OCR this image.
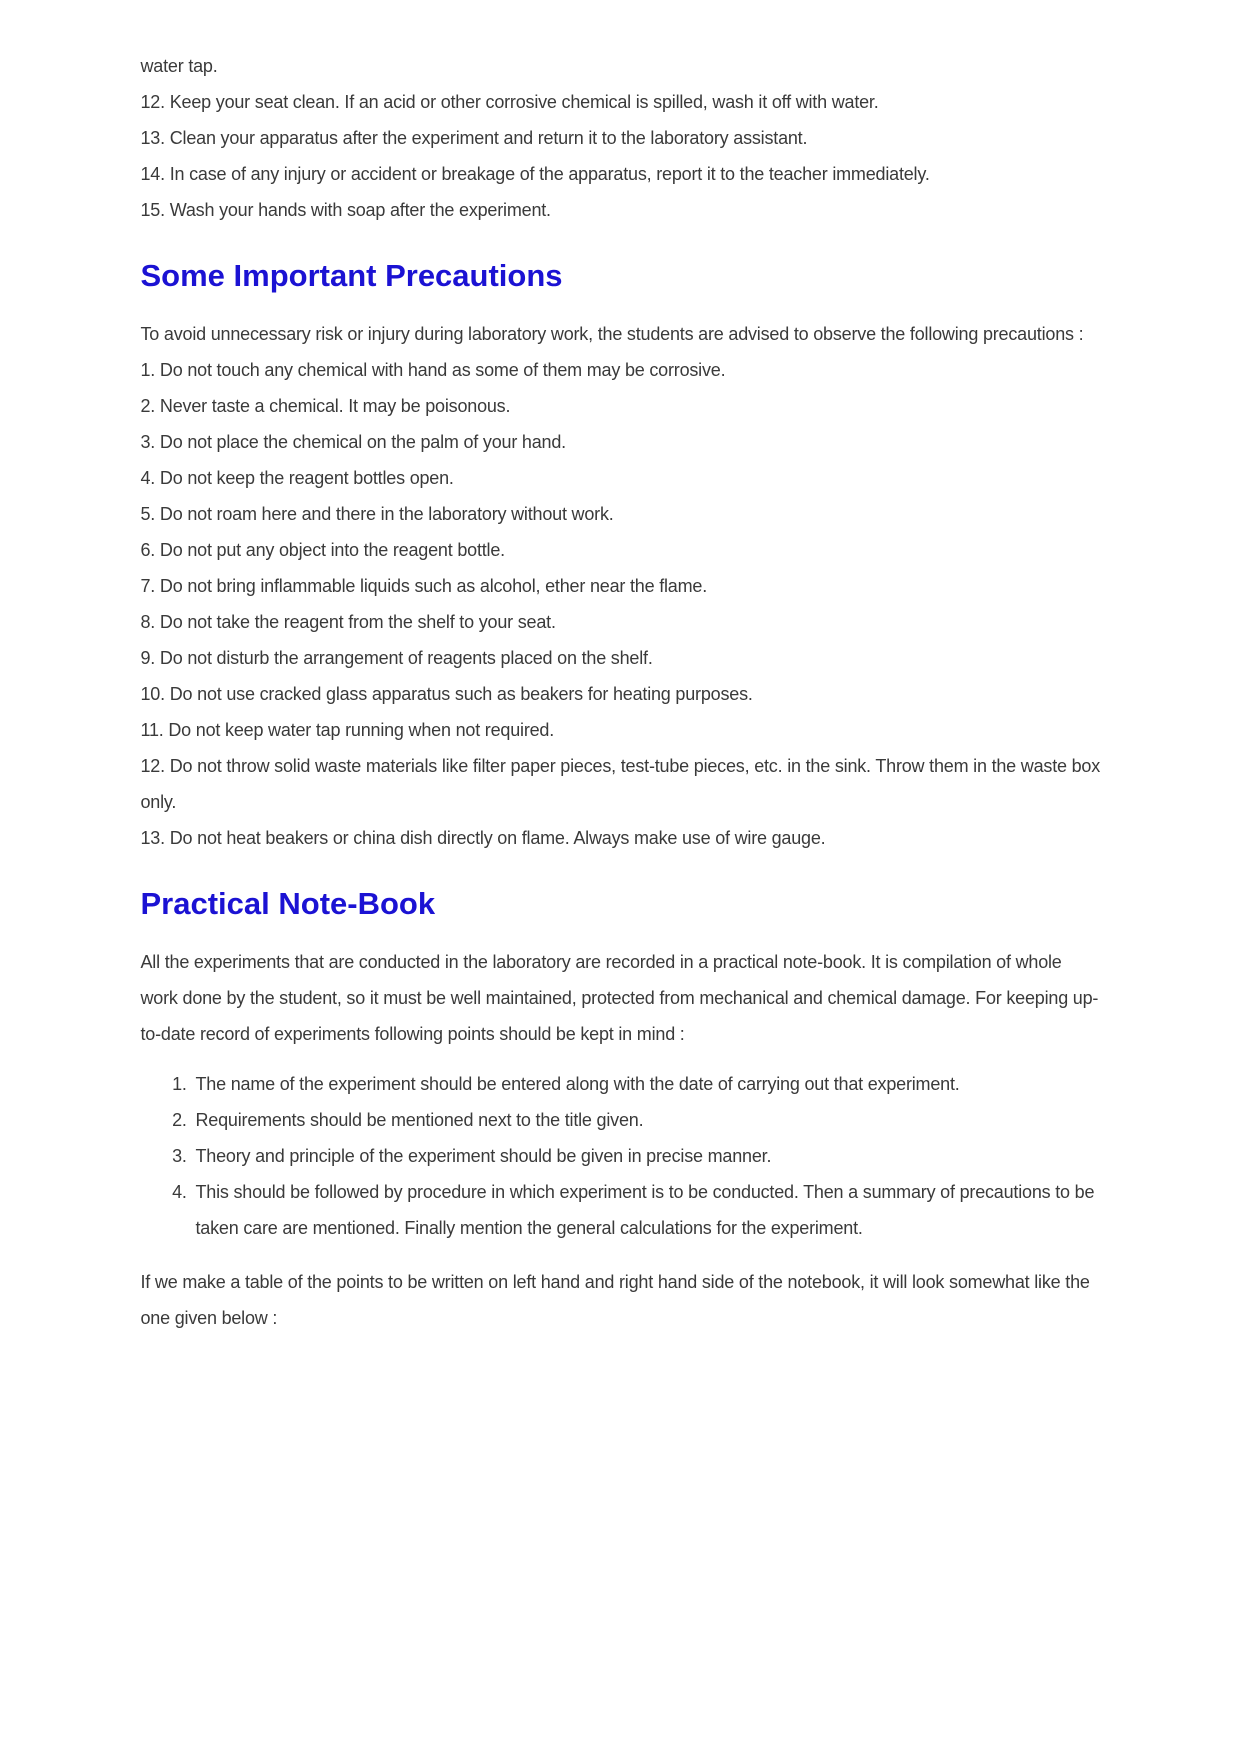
water tap.

12. Keep your seat clean. If an acid or other corrosive chemical is spilled, wash it off with water.

13. Clean your apparatus after the experiment and return it to the laboratory assistant.

14. In case of any injury or accident or breakage of the apparatus, report it to the teacher immediately.

15. Wash your hands with soap after the experiment.

Some Important Precautions

To avoid unnecessary risk or injury during laboratory work, the students are advised to observe the following precautions :

1. Do not touch any chemical with hand as some of them may be corrosive.

2. Never taste a chemical. It may be poisonous.

3. Do not place the chemical on the palm of your hand.

4. Do not keep the reagent bottles open.

5. Do not roam here and there in the laboratory without work.

6. Do not put any object into the reagent bottle.

7. Do not bring inflammable liquids such as alcohol, ether near the flame.

8. Do not take the reagent from the shelf to your seat.

9. Do not disturb the arrangement of reagents placed on the shelf.

10. Do not use cracked glass apparatus such as beakers for heating purposes.

11. Do not keep water tap running when not required.

12. Do not throw solid waste materials like filter paper pieces, test-tube pieces, etc. in the sink. Throw them in the waste box only.

13. Do not heat beakers or china dish directly on flame. Always make use of wire gauge.

Practical Note-Book

All the experiments that are conducted in the laboratory are recorded in a practical note-book. It is compilation of whole work done by the student, so it must be well maintained, protected from mechanical and chemical damage. For keeping up-to-date record of experiments following points should be kept in mind :

1. The name of the experiment should be entered along with the date of carrying out that experiment.
2. Requirements should be mentioned next to the title given.
3. Theory and principle of the experiment should be given in precise manner.
4. This should be followed by procedure in which experiment is to be conducted. Then a summary of precautions to be taken care are mentioned. Finally mention the general calculations for the experiment.

If we make a table of the points to be written on left hand and right hand side of the notebook, it will look somewhat like the one given below :
